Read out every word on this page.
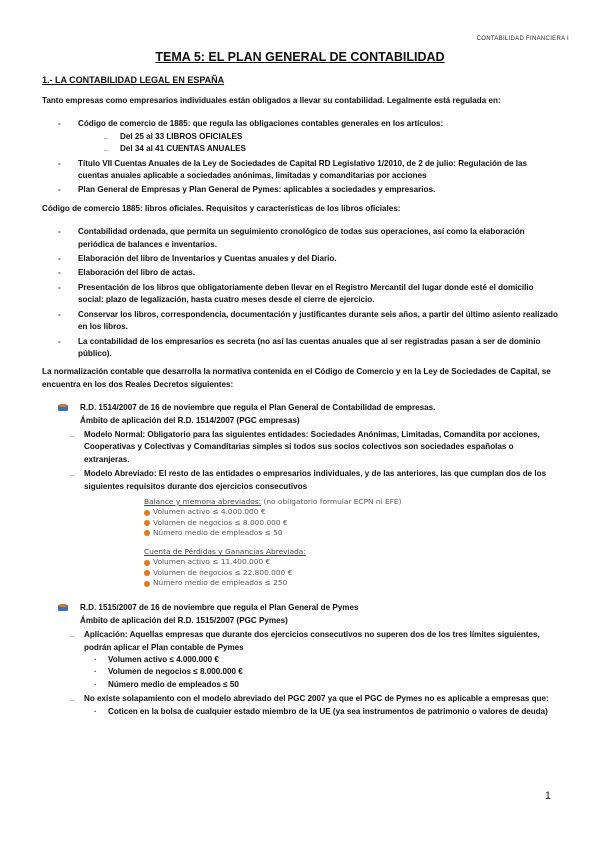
CONTABILIDAD FINANCIERA I
TEMA 5: EL PLAN GENERAL DE CONTABILIDAD
1.- LA CONTABILIDAD LEGAL EN ESPAÑA

Tanto empresas como empresarios individuales están obligados a llevar su contabilidad. Legalmente está regulada en:

- Código de comercio de 1885: que regula las obligaciones contables generales en los artículos:
_ Del 25 al 33 LIBROS OFICIALES
_ Del 34 al 41 CUENTAS ANUALES
- Título VII Cuentas Anuales de la Ley de Sociedades de Capital RD Legislativo 1/2010, de 2 de julio: Regulación de las cuentas anuales aplicable a sociedades anónimas, limitadas y comanditarias por acciones
- Plan General de Empresas y Plan General de Pymes: aplicables a sociedades y empresarios.

Código de comercio 1885: libros oficiales. Requisitos y características de los libros oficiales:

- Contabilidad ordenada, que permita un seguimiento cronológico de todas sus operaciones, así como la elaboración periódica de balances e inventarios.
- Elaboración del libro de Inventarios y Cuentas anuales y del Diario.
- Elaboración del libro de actas.
- Presentación de los libros que obligatoriamente deben llevar en el Registro Mercantil del lugar donde esté el domicilio social: plazo de legalización, hasta cuatro meses desde el cierre de ejercicio.
- Conservar los libros, correspondencia, documentación y justificantes durante seis años, a partir del último asiento realizado en los libros.
- La contabilidad de los empresarios es secreta (no así las cuentas anuales que al ser registradas pasan a ser de dominio público).

La normalización contable que desarrolla la normativa contenida en el Código de Comercio y en la Ley de Sociedades de Capital, se encuentra en los dos Reales Decretos siguientes:

R.D. 1514/2007 de 16 de noviembre que regula el Plan General de Contabilidad de empresas.
Ámbito de aplicación del R.D. 1514/2007 (PGC empresas)
_ Modelo Normal: Obligatorio para las siguientes entidades: Sociedades Anónimas, Limitadas, Comandita por acciones, Cooperativas y Colectivas y Comanditarias simples si todos sus socios colectivos son sociedades españolas o extranjeras.
_ Modelo Abreviado: El resto de las entidades o empresarios individuales, y de las anteriores, las que cumplan dos de los siguientes requisitos durante dos ejercicios consecutivos
Balance y memoria abreviados: (no obligatorio formular ECPN ni EFE)
Volumen activo ≤ 4.000.000 €
Volumen de negocios ≤ 8.000.000 €
Número medio de empleados ≤ 50
Cuenta de Pérdidas y Ganancias Abreviada:
Volumen activo ≤ 11.400.000 €
Volumen de negocios ≤ 22.800.000 €
Número medio de empleados ≤ 250
R.D. 1515/2007 de 16 de noviembre que regula el Plan General de Pymes
Ámbito de aplicación del R.D. 1515/2007 (PGC Pymes)
_ Aplicación: Aquellas empresas que durante dos ejercicios consecutivos no superen dos de los tres límites siguientes, podrán aplicar el Plan contable de Pymes
. Volumen activo ≤ 4.000.000 €
. Volumen de negocios ≤ 8.000.000 €
. Número medio de empleados ≤ 50
_ No existe solapamiento con el modelo abreviado del PGC 2007 ya que el PGC de Pymes no es aplicable a empresas que:
. Coticen en la bolsa de cualquier estado miembro de la UE (ya sea instrumentos de patrimonio o valores de deuda)
1
